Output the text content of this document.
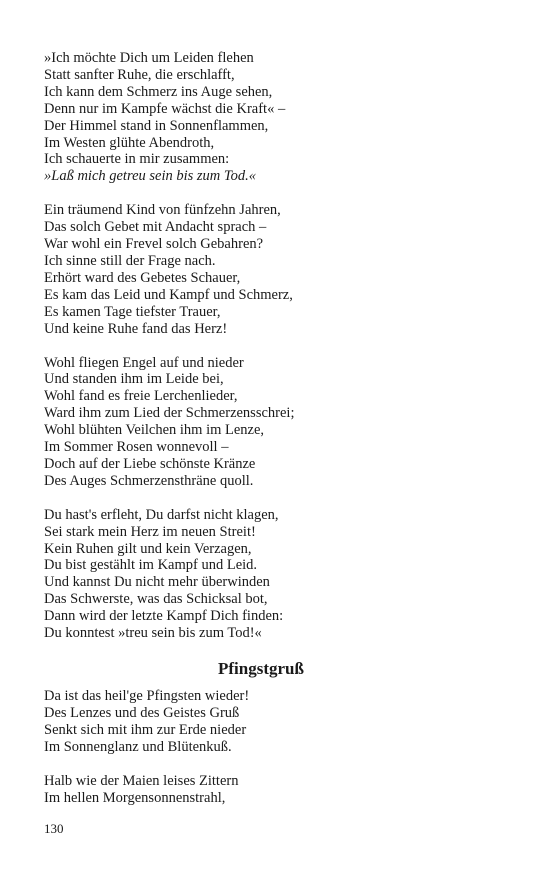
»Ich möchte Dich um Leiden flehen
Statt sanfter Ruhe, die erschlafft,
Ich kann dem Schmerz ins Auge sehen,
Denn nur im Kampfe wächst die Kraft« –
Der Himmel stand in Sonnenflammen,
Im Westen glühte Abendroth,
Ich schauerte in mir zusammen:
»Laß mich getreu sein bis zum Tod.«
Ein träumend Kind von fünfzehn Jahren,
Das solch Gebet mit Andacht sprach –
War wohl ein Frevel solch Gebahren?
Ich sinne still der Frage nach.
Erhört ward des Gebetes Schauer,
Es kam das Leid und Kampf und Schmerz,
Es kamen Tage tiefster Trauer,
Und keine Ruhe fand das Herz!
Wohl fliegen Engel auf und nieder
Und standen ihm im Leide bei,
Wohl fand es freie Lerchenlieder,
Ward ihm zum Lied der Schmerzensschrei;
Wohl blühten Veilchen ihm im Lenze,
Im Sommer Rosen wonnevoll –
Doch auf der Liebe schönste Kränze
Des Auges Schmerzensthräne quoll.
Du hast's erfleht, Du darfst nicht klagen,
Sei stark mein Herz im neuen Streit!
Kein Ruhen gilt und kein Verzagen,
Du bist gestählt im Kampf und Leid.
Und kannst Du nicht mehr überwinden
Das Schwerste, was das Schicksal bot,
Dann wird der letzte Kampf Dich finden:
Du konntest »treu sein bis zum Tod!«
Pfingstgruß
Da ist das heil'ge Pfingsten wieder!
Des Lenzes und des Geistes Gruß
Senkt sich mit ihm zur Erde nieder
Im Sonnenglanz und Blütenkuß.
Halb wie der Maien leises Zittern
Im hellen Morgensonnenstrahl,
130
